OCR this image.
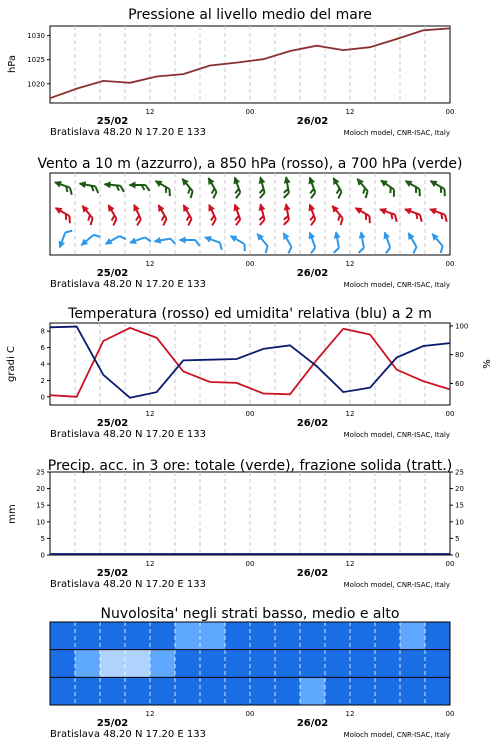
Pressione al livello medio del mare
hPa
1020
1025
1030
12	00	12	00
25/02	26/02
Bratislava 48.20 N 17.20 E 133	Moloch model, CNR-ISAC, Italy
Vento a 10 m (azzurro), a 850 hPa (rosso), a 700 hPa (verde)
12	00	12	00
25/02	26/02
Bratislava 48.20 N 17.20 E 133	Moloch model, CNR-ISAC, Italy
Temperatura (rosso) ed umidita' relativa (blu) a 2 m
gradi C	%
0
2
4
6
8
60
80
100
12	00	12	00
25/02	26/02
Bratislava 48.20 N 17.20 E 133	Moloch model, CNR-ISAC, Italy
Precip. acc. in 3 ore: totale (verde), frazione solida (tratt.)
mm
0
5
10
15
20
25
0
5
10
15
20
25
12	00	12	00
25/02	26/02
Bratislava 48.20 N 17.20 E 133	Moloch model, CNR-ISAC, Italy
Nuvolosita' negli strati basso, medio e alto
12	00	12	00
25/02	26/02
Bratislava 48.20 N 17.20 E 133	Moloch model, CNR-ISAC, Italy
